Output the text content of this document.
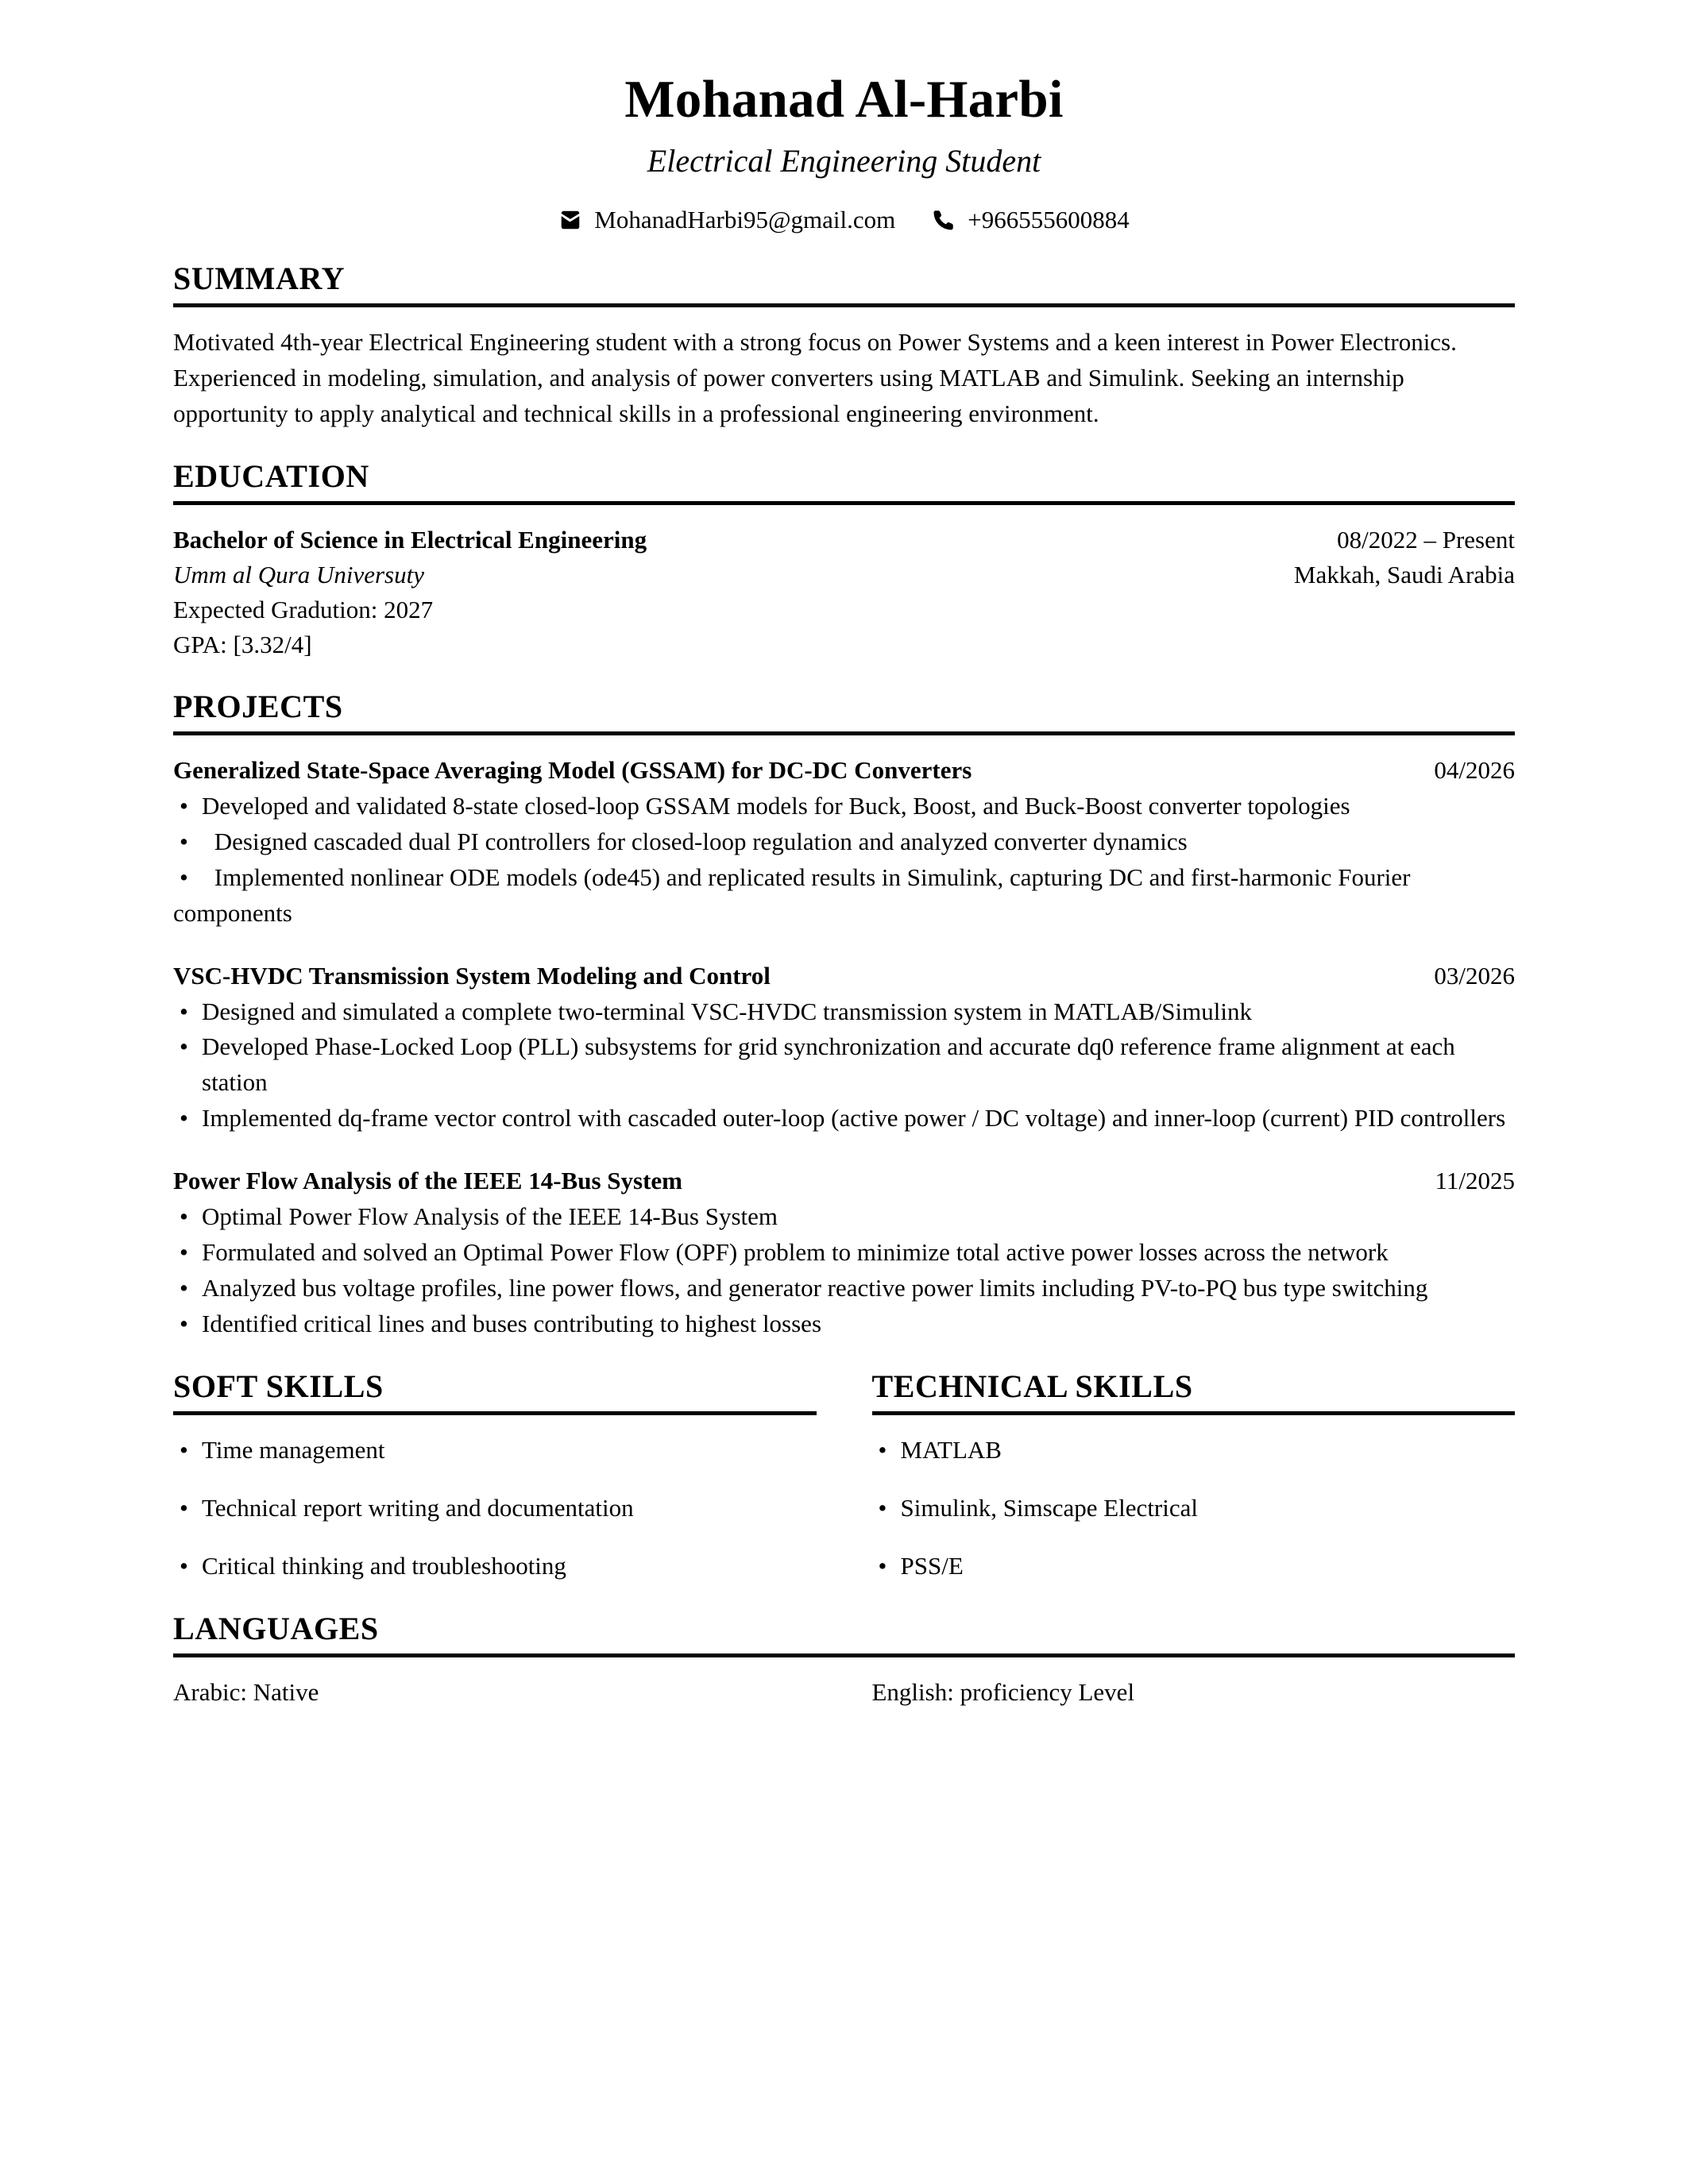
Mohanad Al-Harbi
Electrical Engineering Student
MohanadHarbi95@gmail.com	+966555600884
SUMMARY

Motivated 4th-year Electrical Engineering student with a strong focus on Power Systems and a keen interest in Power Electronics. Experienced in modeling, simulation, and analysis of power converters using MATLAB and Simulink. Seeking an internship opportunity to apply analytical and technical skills in a professional engineering environment.

EDUCATION
Bachelor of Science in Electrical Engineering	08/2022 – Present
Umm al Qura Universuty	Makkah, Saudi Arabia
Expected Gradution: 2027
GPA: [3.32/4]
PROJECTS
Generalized State-Space Averaging Model (GSSAM) for DC-DC Converters	04/2026
• Developed and validated 8-state closed-loop GSSAM models for Buck, Boost, and Buck-Boost converter topologies
• Designed cascaded dual PI controllers for closed-loop regulation and analyzed converter dynamics
• Implemented nonlinear ODE models (ode45) and replicated results in Simulink, capturing DC and first-harmonic Fourier components
VSC-HVDC Transmission System Modeling and Control	03/2026
• Designed and simulated a complete two-terminal VSC-HVDC transmission system in MATLAB/Simulink
• Developed Phase-Locked Loop (PLL) subsystems for grid synchronization and accurate dq0 reference frame alignment at each station
• Implemented dq-frame vector control with cascaded outer-loop (active power / DC voltage) and inner-loop (current) PID controllers
Power Flow Analysis of the IEEE 14-Bus System	11/2025
• Optimal Power Flow Analysis of the IEEE 14-Bus System
• Formulated and solved an Optimal Power Flow (OPF) problem to minimize total active power losses across the network
• Analyzed bus voltage profiles, line power flows, and generator reactive power limits including PV-to-PQ bus type switching
• Identified critical lines and buses contributing to highest losses
SOFT SKILLS
• Time management
• Technical report writing and documentation
• Critical thinking and troubleshooting
TECHNICAL SKILLS
• MATLAB
• Simulink, Simscape Electrical
• PSS/E
LANGUAGES
Arabic: Native	English: proficiency Level
